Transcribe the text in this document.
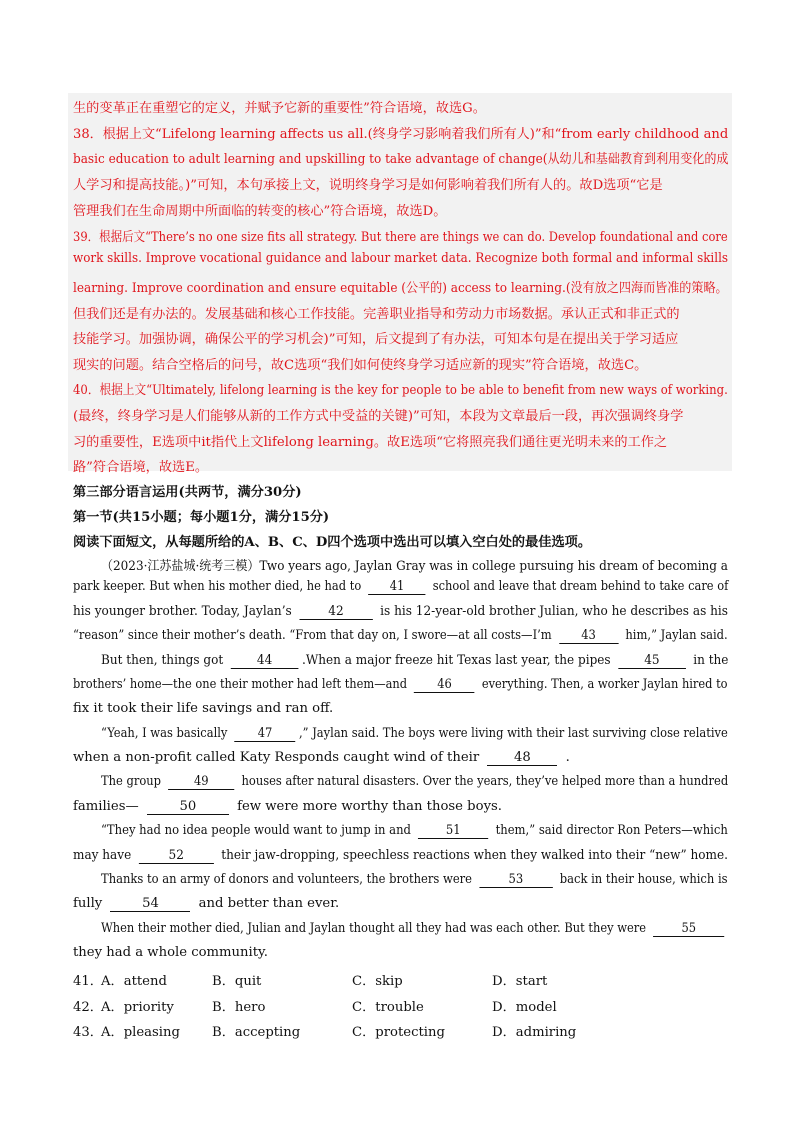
生的变革正在重塑它的定义，并赋予它新的重要性”符合语境，故选G。
38．根据上文“Lifelong learning affects us all.(终身学习影响着我们所有人)”和“from early childhood and
basic education to adult learning and upskilling to take advantage of change(从幼儿和基础教育到利用变化的成
人学习和提高技能。)”可知，本句承接上文，说明终身学习是如何影响着我们所有人的。故D选项“它是
管理我们在生命周期中所面临的转变的核心”符合语境，故选D。
39．根据后文“There’s no one size fits all strategy. But there are things we can do. Develop foundational and core
work skills. Improve vocational guidance and labour market data. Recognize both formal and informal skills
learning. Improve coordination and ensure equitable (公平的) access to learning.(没有放之四海而皆准的策略。
但我们还是有办法的。发展基础和核心工作技能。完善职业指导和劳动力市场数据。承认正式和非正式的
技能学习。加强协调，确保公平的学习机会)”可知，后文提到了有办法，可知本句是在提出关于学习适应
现实的问题。结合空格后的问号，故C选项“我们如何使终身学习适应新的现实”符合语境，故选C。
40．根据上文“Ultimately, lifelong learning is the key for people to be able to benefit from new ways of working.
(最终，终身学习是人们能够从新的工作方式中受益的关键)”可知，本段为文章最后一段，再次强调终身学
习的重要性，E选项中it指代上文lifelong learning。故E选项“它将照亮我们通往更光明未来的工作之
路”符合语境，故选E。
第三部分语言运用(共两节，满分30分)
第一节(共15小题；每小题1分，满分15分)
阅读下面短文，从每题所给的A、B、C、D四个选项中选出可以填入空白处的最佳选项。
（2023·江苏盐城·统考三模）Two years ago, Jaylan Gray was in college pursuing his dream of becoming a
park keeper. But when his mother died, he had to 41 school and leave that dream behind to take care of
his younger brother. Today, Jaylan’s	42	is his 12-year-old brother Julian, who he describes as his
“reason” since their mother’s death. “From that day on, I swore—at all costs—I’m 43 him,” Jaylan said.
But then, things got	44 .When a major freeze hit Texas last year, the pipes	45	in the
brothers’ home—the one their mother had left them—and 46 everything. Then, a worker Jaylan hired to
fix it took their life savings and ran off.
“Yeah, I was basically 47 ,” Jaylan said. The boys were living with their last surviving close relative
when a non-profit called Katy Responds caught wind of their	48	.
The group 49 houses after natural disasters. Over the years, they’ve helped more than a hundred
families—	50	few were more worthy than those boys.
“They had no idea people would want to jump in and	51	them,” said director Ron Peters—which
may have	52	their jaw-dropping, speechless reactions when they walked into their “new” home.
Thanks to an army of donors and volunteers, the brothers were	53	back in their house, which is
fully	54	and better than ever.
When their mother died, Julian and Jaylan thought all they had was each other. But they were	55
they had a whole community.
41．
A．attend	B．quit	C．skip	D．start
42．
A．priority	B．hero	C．trouble	D．model
43．
A．pleasing B．accepting	C．protecting	D．admiring
